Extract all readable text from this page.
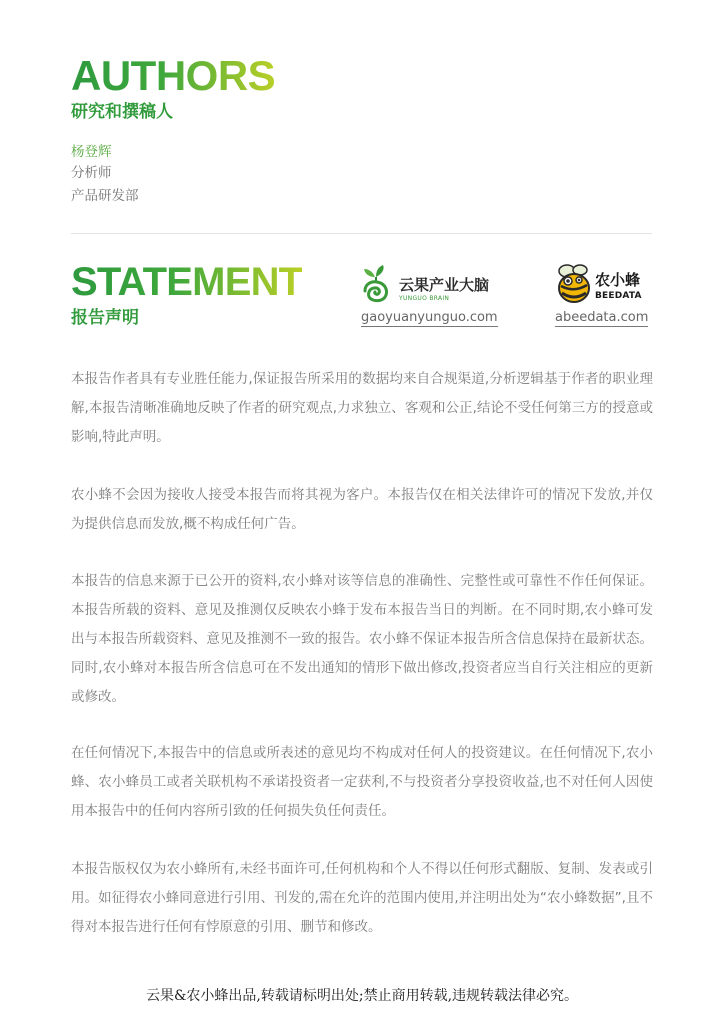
AUTHORS
研究和撰稿人
杨登辉
分析师
产品研发部
STATEMENT
报告声明
云果产业大脑
YUNGUO BRAIN
gaoyuanyunguo.com
农小蜂
BEEDATA
abeedata.com

本报告作者具有专业胜任能力,保证报告所采用的数据均来自合规渠道,分析逻辑基于作者的职业理解,本报告清晰准确地反映了作者的研究观点,力求独立、客观和公正,结论不受任何第三方的授意或影响,特此声明。

农小蜂不会因为接收人接受本报告而将其视为客户。本报告仅在相关法律许可的情况下发放,并仅为提供信息而发放,概不构成任何广告。

本报告的信息来源于已公开的资料,农小蜂对该等信息的准确性、完整性或可靠性不作任何保证。本报告所载的资料、意见及推测仅反映农小蜂于发布本报告当日的判断。在不同时期,农小蜂可发出与本报告所载资料、意见及推测不一致的报告。农小蜂不保证本报告所含信息保持在最新状态。同时,农小蜂对本报告所含信息可在不发出通知的情形下做出修改,投资者应当自行关注相应的更新或修改。

在任何情况下,本报告中的信息或所表述的意见均不构成对任何人的投资建议。在任何情况下,农小蜂、农小蜂员工或者关联机构不承诺投资者一定获利,不与投资者分享投资收益,也不对任何人因使用本报告中的任何内容所引致的任何损失负任何责任。

本报告版权仅为农小蜂所有,未经书面许可,任何机构和个人不得以任何形式翻版、复制、发表或引用。如征得农小蜂同意进行引用、刊发的,需在允许的范围内使用,并注明出处为“农小蜂数据”,且不得对本报告进行任何有悖原意的引用、删节和修改。

云果&农小蜂出品,转载请标明出处;禁止商用转载,违规转载法律必究。
